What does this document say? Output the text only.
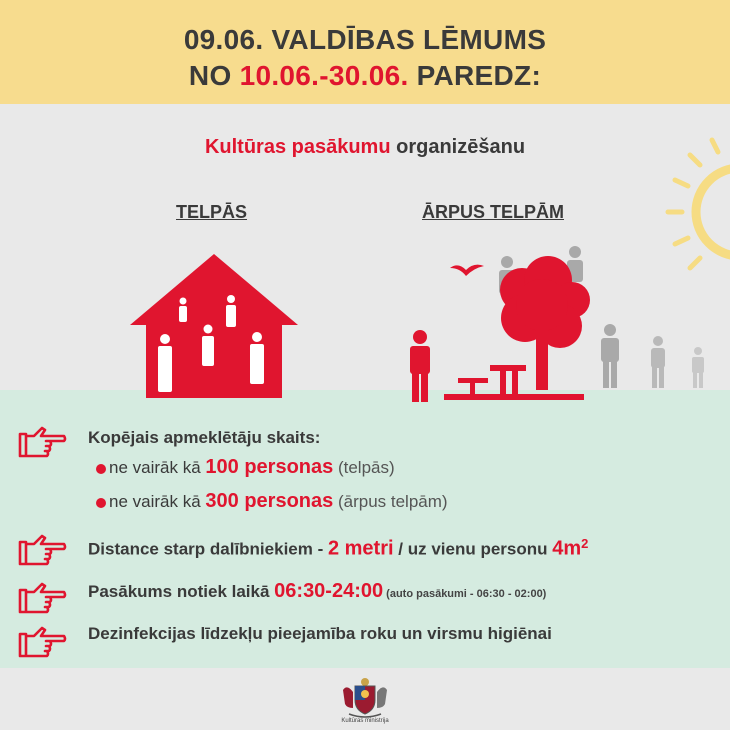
09.06. VALDĪBAS LĒMUMS
NO 10.06.-30.06. PAREDZ:
Kultūras pasākumu organizēšanu
TELPĀS	ĀRPUS TELPĀM
Kopējais apmeklētāju skaits:
ne vairāk kā 100 personas (telpās)
ne vairāk kā 300 personas (ārpus telpām)
Distance starp dalībniekiem - 2 metri / uz vienu personu $4m^2$
Pasākums notiek laikā 06:30-24:00 (auto pasākumi - 06:30 - 02:00)
Dezinfekcijas līdzekļu pieejamība roku un virsmu higiēnai
Kultūras ministrija
